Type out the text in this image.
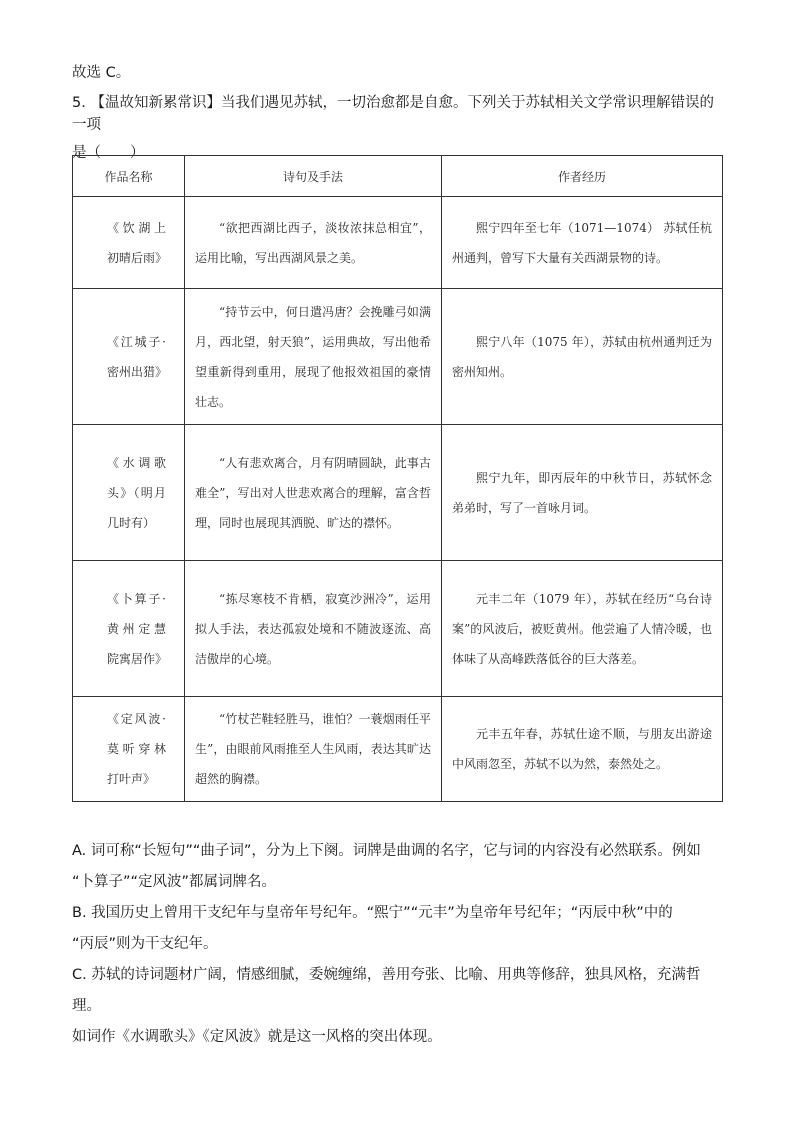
故选 C。

5. 【温故知新累常识】当我们遇见苏轼，一切治愈都是自愈。下列关于苏轼相关文学常识理解错误的一项

是（　　）

作品名称	诗句及手法	作者经历
《饮湖上初晴后雨》	“欲把西湖比西子，淡妆浓抹总相宜”，运用比喻，写出西湖风景之美。	熙宁四年至七年（1071—1074） 苏轼任杭州通判，曾写下大量有关西湖景物的诗。
《江城子·密州出猎》	“持节云中，何日遣冯唐？会挽雕弓如满月，西北望，射天狼”，运用典故，写出他希望重新得到重用，展现了他报效祖国的豪情壮志。	熙宁八年（1075 年），苏轼由杭州通判迁为密州知州。
《水调歌头》（明月几时有）	“人有悲欢离合，月有阴晴圆缺，此事古难全”，写出对人世悲欢离合的理解，富含哲理，同时也展现其洒脱、旷达的襟怀。	熙宁九年，即丙辰年的中秋节日，苏轼怀念弟弟时，写了一首咏月词。
《卜算子·黄州定慧院寓居作》	“拣尽寒枝不肯栖，寂寞沙洲冷”，运用拟人手法，表达孤寂处境和不随波逐流、高洁傲岸的心境。	元丰二年（1079 年），苏轼在经历“乌台诗案”的风波后，被贬黄州。他尝遍了人情冷暖，也体味了从高峰跌落低谷的巨大落差。
《定风波·莫听穿林打叶声》	“竹杖芒鞋轻胜马，谁怕？一蓑烟雨任平生”，由眼前风雨推至人生风雨，表达其旷达超然的胸襟。	元丰五年春，苏轼仕途不顺，与朋友出游途中风雨忽至，苏轼不以为然，泰然处之。

A. 词可称“长短句”“曲子词”，分为上下阕。词牌是曲调的名字，它与词的内容没有必然联系。例如

“卜算子”“定风波”都属词牌名。

B. 我国历史上曾用干支纪年与皇帝年号纪年。“熙宁”“元丰”为皇帝年号纪年；“丙辰中秋”中的

“丙辰”则为干支纪年。

C. 苏轼的诗词题材广阔，情感细腻，委婉缠绵，善用夸张、比喻、用典等修辞，独具风格，充满哲理。

如词作《水调歌头》《定风波》就是这一风格的突出体现。
